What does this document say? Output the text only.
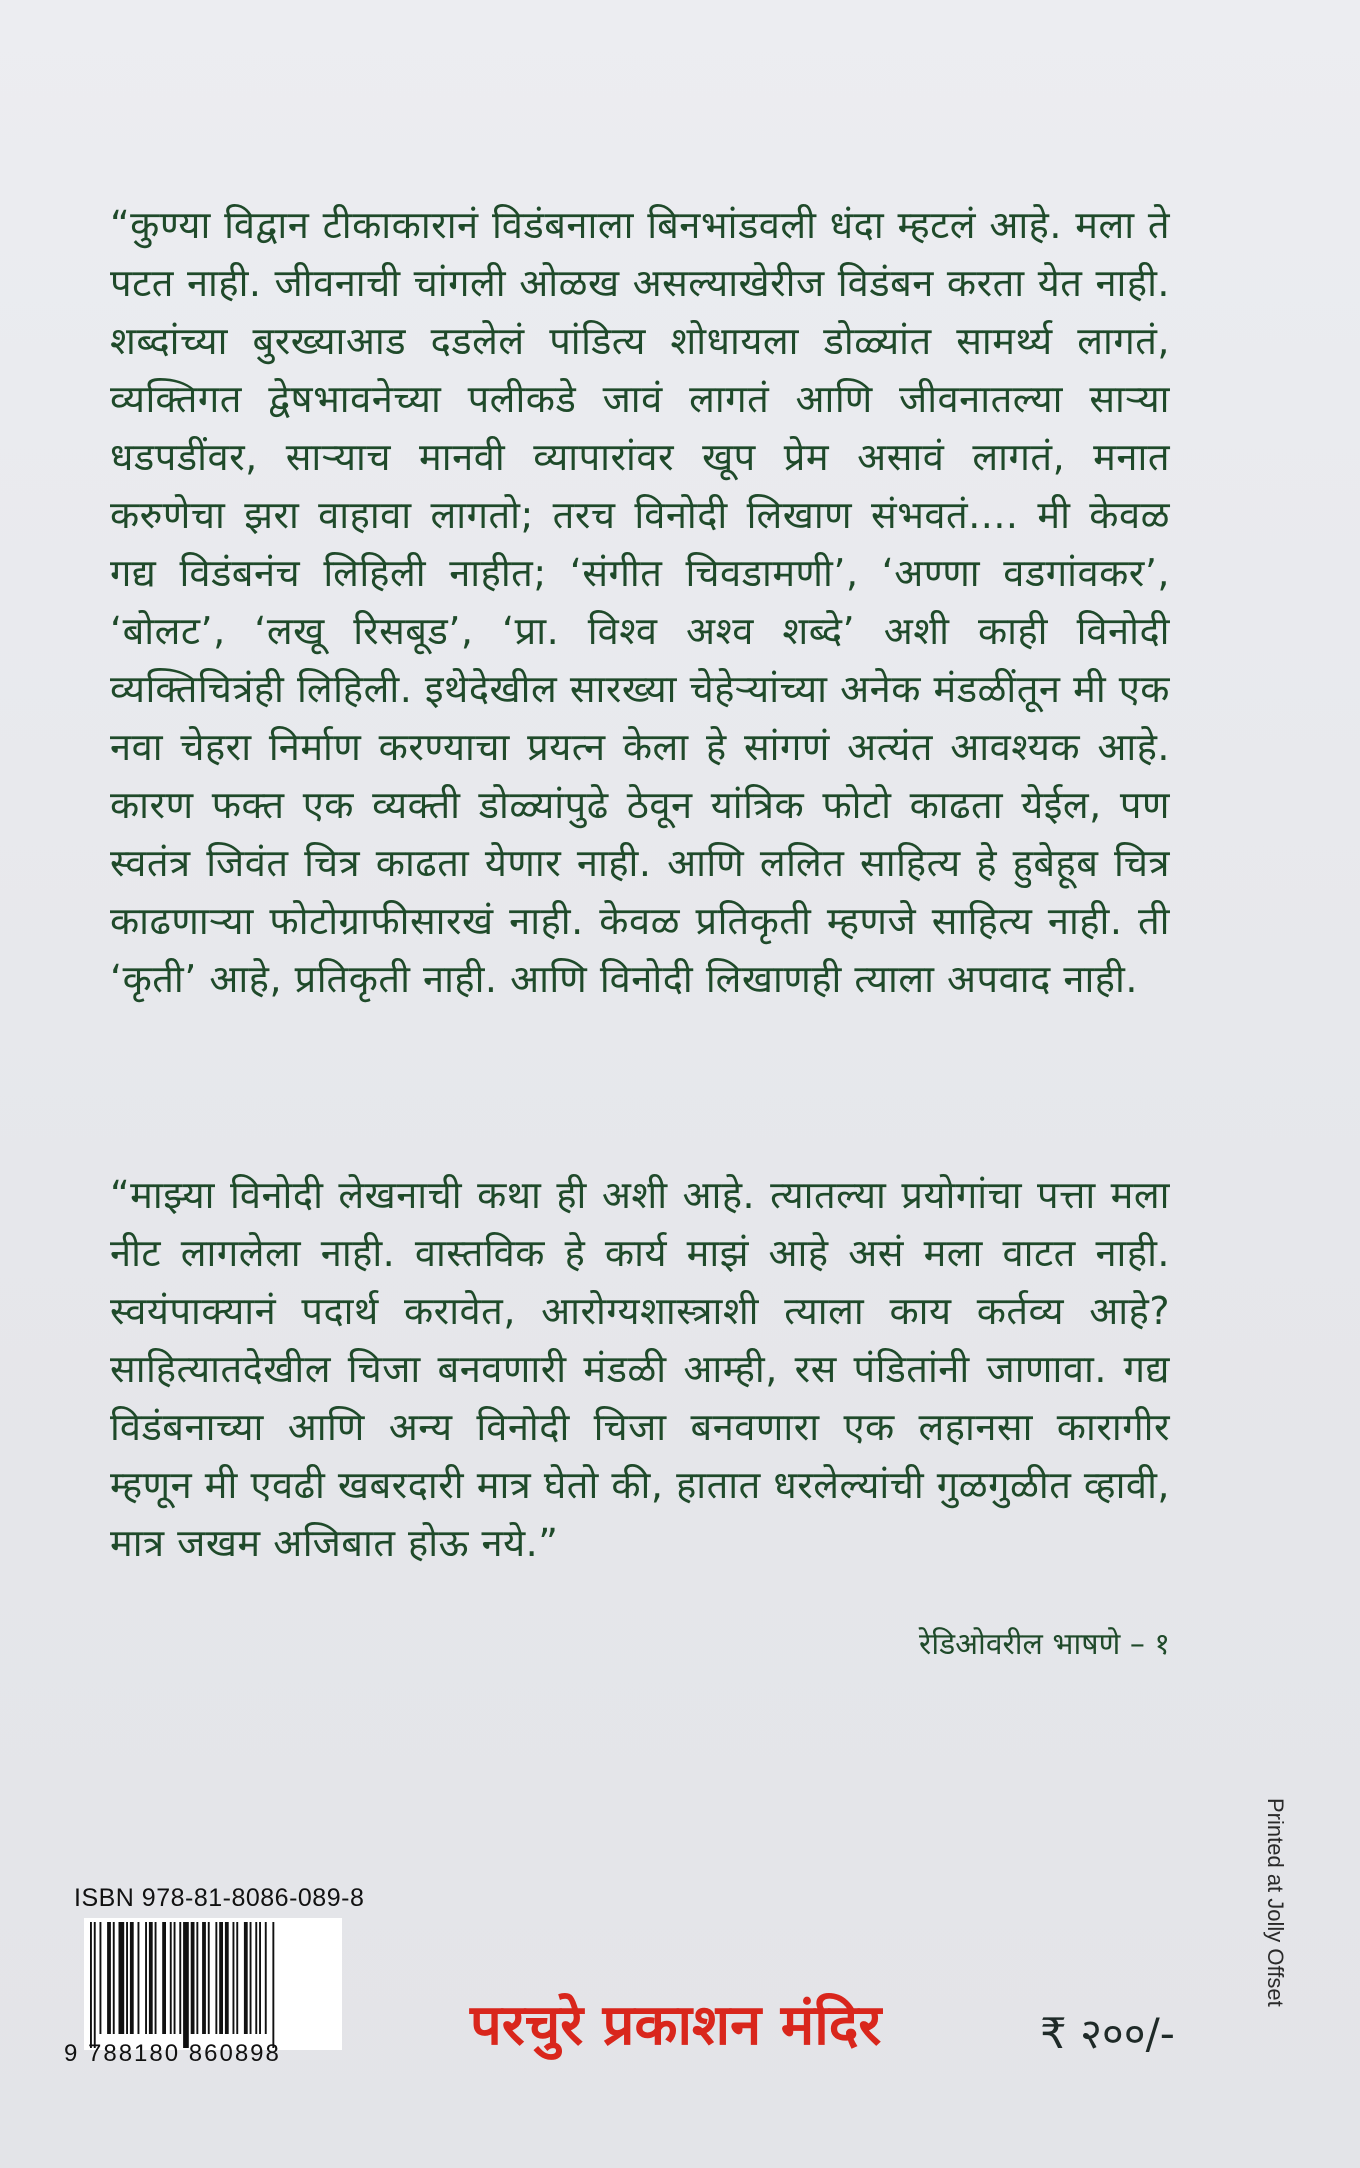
“कुण्या विद्वान टीकाकारानं विडंबनाला बिनभांडवली धंदा म्हटलं आहे. मला ते पटत नाही. जीवनाची चांगली ओळख असल्याखेरीज विडंबन करता येत नाही. शब्दांच्या बुरख्याआड दडलेलं पांडित्य शोधायला डोळ्यांत सामर्थ्य लागतं, व्यक्तिगत द्वेषभावनेच्या पलीकडे जावं लागतं आणि जीवनातल्या साऱ्या धडपडींवर, साऱ्याच मानवी व्यापारांवर खूप प्रेम असावं लागतं, मनात करुणेचा झरा वाहावा लागतो; तरच विनोदी लिखाण संभवतं.... मी केवळ गद्य विडंबनंच लिहिली नाहीत; ‘संगीत चिवडामणी’, ‘अण्णा वडगांवकर’, ‘बोलट’, ‘लखू रिसबूड’, ‘प्रा. विश्व अश्व शब्दे’ अशी काही विनोदी व्यक्तिचित्रंही लिहिली. इथेदेखील सारख्या चेहेऱ्यांच्या अनेक मंडळींतून मी एक नवा चेहरा निर्माण करण्याचा प्रयत्न केला हे सांगणं अत्यंत आवश्यक आहे. कारण फक्त एक व्यक्ती डोळ्यांपुढे ठेवून यांत्रिक फोटो काढता येईल, पण स्वतंत्र जिवंत चित्र काढता येणार नाही. आणि ललित साहित्य हे हुबेहूब चित्र काढणाऱ्या फोटोग्राफीसारखं नाही. केवळ प्रतिकृती म्हणजे साहित्य नाही. ती ‘कृती’ आहे, प्रतिकृती नाही. आणि विनोदी लिखाणही त्याला अपवाद नाही.

“माझ्या विनोदी लेखनाची कथा ही अशी आहे. त्यातल्या प्रयोगांचा पत्ता मला नीट लागलेला नाही. वास्तविक हे कार्य माझं आहे असं मला वाटत नाही. स्वयंपाक्यानं पदार्थ करावेत, आरोग्यशास्त्राशी त्याला काय कर्तव्य आहे? साहित्यातदेखील चिजा बनवणारी मंडळी आम्ही, रस पंडितांनी जाणावा. गद्य विडंबनाच्या आणि अन्य विनोदी चिजा बनवणारा एक लहानसा कारागीर म्हणून मी एवढी खबरदारी मात्र घेतो की, हातात धरलेल्यांची गुळगुळीत व्हावी, मात्र जखम अजिबात होऊ नये.”

रेडिओवरील भाषणे – १

ISBN 978-81-8086-089-8

9 788180 860898	परचुरे प्रकाशन मंदिर	₹ २००/-

Printed at Jolly Offset
